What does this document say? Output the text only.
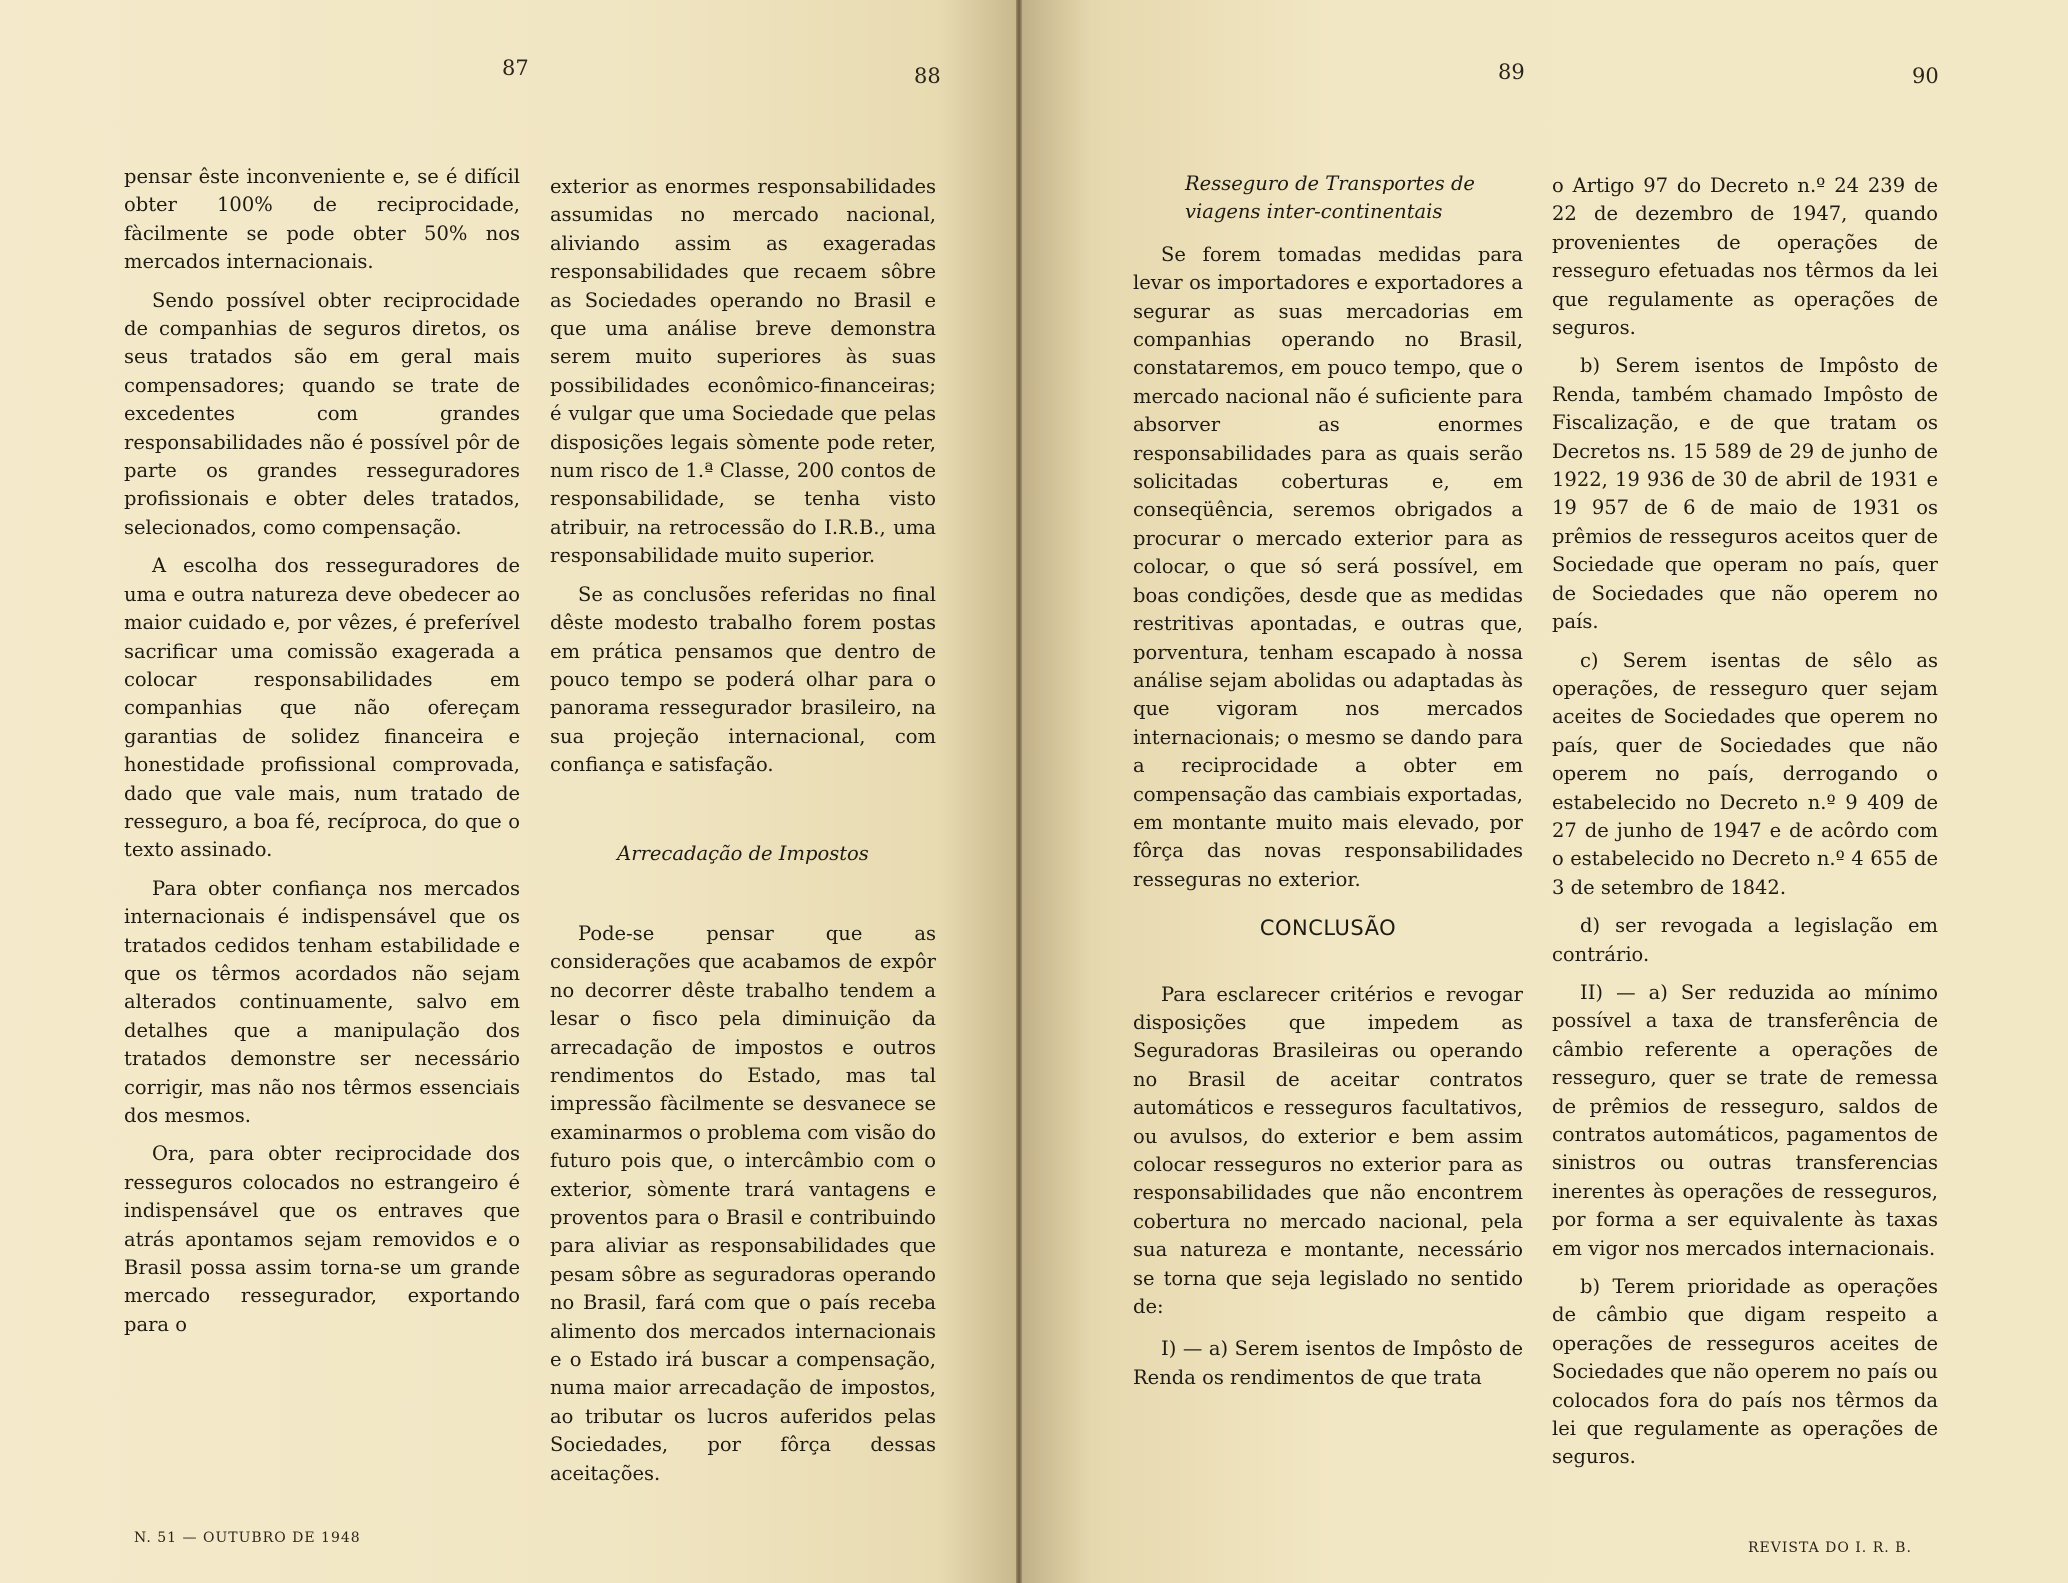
87	88	89	90

pensar êste inconveniente e, se é difícil obter 100% de reciprocidade, fàcilmente se pode obter 50% nos mercados internacionais.

Sendo possível obter reciprocidade de companhias de seguros diretos, os seus tratados são em geral mais compensadores; quando se trate de excedentes com grandes responsabilidades não é possível pôr de parte os grandes resseguradores profissionais e obter deles tratados, selecionados, como compensação.

A escolha dos resseguradores de uma e outra natureza deve obedecer ao maior cuidado e, por vêzes, é preferível sacrificar uma comissão exagerada a colocar responsabilidades em companhias que não ofereçam garantias de solidez financeira e honestidade profissional comprovada, dado que vale mais, num tratado de resseguro, a boa fé, recíproca, do que o texto assinado.

Para obter confiança nos mercados internacionais é indispensável que os tratados cedidos tenham estabilidade e que os têrmos acordados não sejam alterados continuamente, salvo em detalhes que a manipulação dos tratados demonstre ser necessário corrigir, mas não nos têrmos essenciais dos mesmos.

Ora, para obter reciprocidade dos resseguros colocados no estrangeiro é indispensável que os entraves que atrás apontamos sejam removidos e o Brasil possa assim torna-se um grande mercado ressegurador, exportando para o

exterior as enormes responsabilidades assumidas no mercado nacional, aliviando assim as exageradas responsabilidades que recaem sôbre as Sociedades operando no Brasil e que uma análise breve demonstra serem muito superiores às suas possibilidades econômico-financeiras; é vulgar que uma Sociedade que pelas disposições legais sòmente pode reter, num risco de 1.ª Classe, 200 contos de responsabilidade, se tenha visto atribuir, na retrocessão do I.R.B., uma responsabilidade muito superior.

Se as conclusões referidas no final dêste modesto trabalho forem postas em prática pensamos que dentro de pouco tempo se poderá olhar para o panorama ressegurador brasileiro, na sua projeção internacional, com confiança e satisfação.

Arrecadação de Impostos

Pode-se pensar que as considerações que acabamos de expôr no decorrer dêste trabalho tendem a lesar o fisco pela diminuição da arrecadação de impostos e outros rendimentos do Estado, mas tal impressão fàcilmente se desvanece se examinarmos o problema com visão do futuro pois que, o intercâmbio com o exterior, sòmente trará vantagens e proventos para o Brasil e contribuindo para aliviar as responsabilidades que pesam sôbre as seguradoras operando no Brasil, fará com que o país receba alimento dos mercados internacionais e o Estado irá buscar a compensação, numa maior arrecadação de impostos, ao tributar os lucros auferidos pelas Sociedades, por fôrça dessas aceitações.

Resseguro de Transportes de viagens inter-continentais

Se forem tomadas medidas para levar os importadores e exportadores a segurar as suas mercadorias em companhias operando no Brasil, constataremos, em pouco tempo, que o mercado nacional não é suficiente para absorver as enormes responsabilidades para as quais serão solicitadas coberturas e, em conseqüência, seremos obrigados a procurar o mercado exterior para as colocar, o que só será possível, em boas condições, desde que as medidas restritivas apontadas, e outras que, porventura, tenham escapado à nossa análise sejam abolidas ou adaptadas às que vigoram nos mercados internacionais; o mesmo se dando para a reciprocidade a obter em compensação das cambiais exportadas, em montante muito mais elevado, por fôrça das novas responsabilidades resseguras no exterior.

CONCLUSÃO

Para esclarecer critérios e revogar disposições que impedem as Seguradoras Brasileiras ou operando no Brasil de aceitar contratos automáticos e resseguros facultativos, ou avulsos, do exterior e bem assim colocar resseguros no exterior para as responsabilidades que não encontrem cobertura no mercado nacional, pela sua natureza e montante, necessário se torna que seja legislado no sentido de:

I) — a) Serem isentos de Impôsto de Renda os rendimentos de que trata

o Artigo 97 do Decreto n.º 24 239 de 22 de dezembro de 1947, quando provenientes de operações de resseguro efetuadas nos têrmos da lei que regulamente as operações de seguros.

b) Serem isentos de Impôsto de Renda, também chamado Impôsto de Fiscalização, e de que tratam os Decretos ns. 15 589 de 29 de junho de 1922, 19 936 de 30 de abril de 1931 e 19 957 de 6 de maio de 1931 os prêmios de resseguros aceitos quer de Sociedade que operam no país, quer de Sociedades que não operem no país.

c) Serem isentas de sêlo as operações, de resseguro quer sejam aceites de Sociedades que operem no país, quer de Sociedades que não operem no país, derrogando o estabelecido no Decreto n.º 9 409 de 27 de junho de 1947 e de acôrdo com o estabelecido no Decreto n.º 4 655 de 3 de setembro de 1842.

d) ser revogada a legislação em contrário.

II) — a) Ser reduzida ao mínimo possível a taxa de transferência de câmbio referente a operações de resseguro, quer se trate de remessa de prêmios de resseguro, saldos de contratos automáticos, pagamentos de sinistros ou outras transferencias inerentes às operações de resseguros, por forma a ser equivalente às taxas em vigor nos mercados internacionais.

b) Terem prioridade as operações de câmbio que digam respeito a operações de resseguros aceites de Sociedades que não operem no país ou colocados fora do país nos têrmos da lei que regulamente as operações de seguros.

N. 51 — OUTUBRO DE 1948
REVISTA DO I. R. B.
